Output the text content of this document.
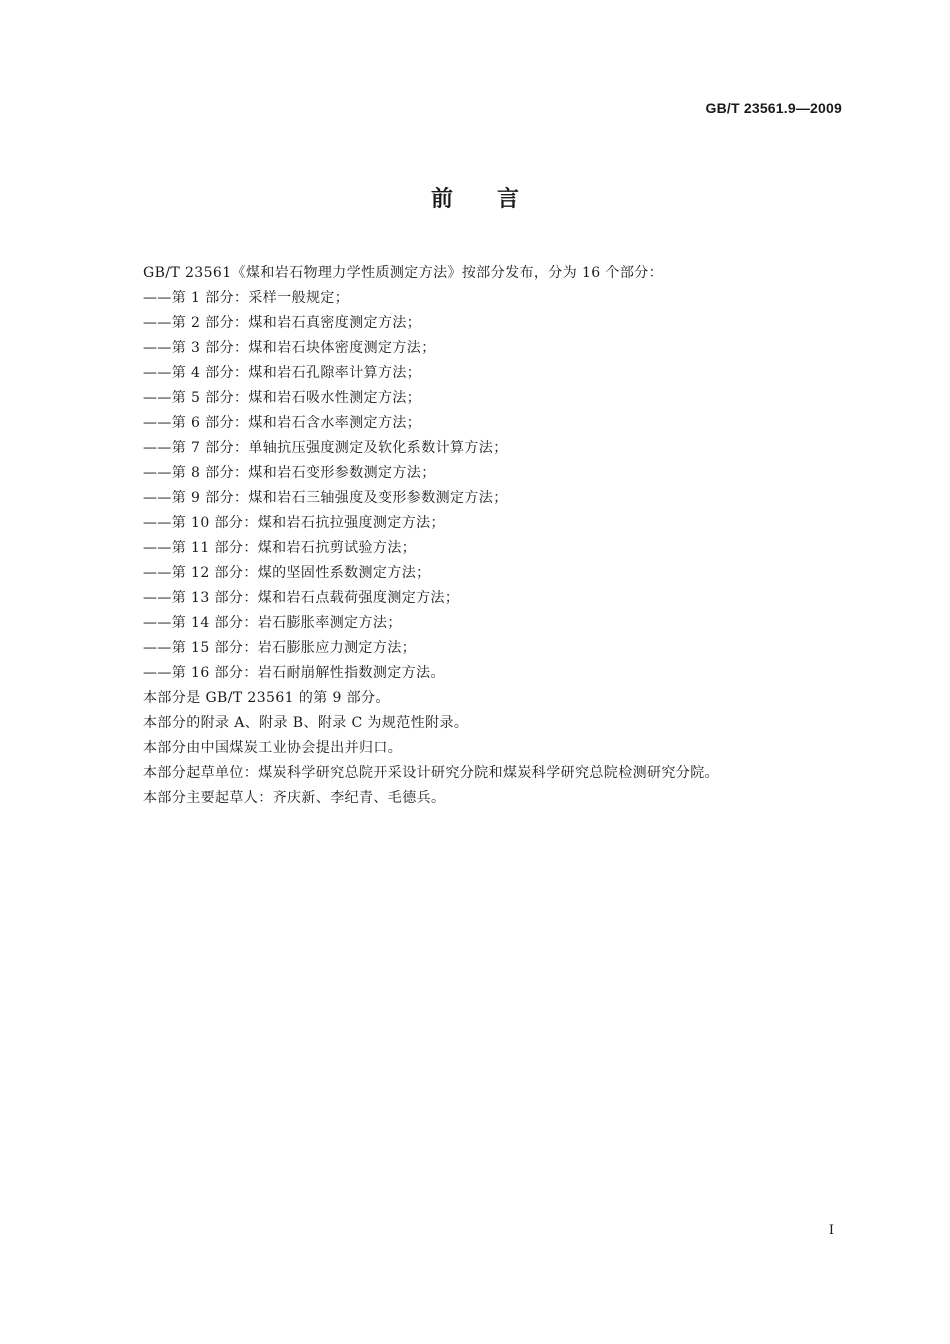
GB/T 23561.9—2009
前　　言
GB/T 23561《煤和岩石物理力学性质测定方法》按部分发布，分为 16 个部分：
——第 1 部分：采样一般规定；
——第 2 部分：煤和岩石真密度测定方法；
——第 3 部分：煤和岩石块体密度测定方法；
——第 4 部分：煤和岩石孔隙率计算方法；
——第 5 部分：煤和岩石吸水性测定方法；
——第 6 部分：煤和岩石含水率测定方法；
——第 7 部分：单轴抗压强度测定及软化系数计算方法；
——第 8 部分：煤和岩石变形参数测定方法；
——第 9 部分：煤和岩石三轴强度及变形参数测定方法；
——第 10 部分：煤和岩石抗拉强度测定方法；
——第 11 部分：煤和岩石抗剪试验方法；
——第 12 部分：煤的坚固性系数测定方法；
——第 13 部分：煤和岩石点载荷强度测定方法；
——第 14 部分：岩石膨胀率测定方法；
——第 15 部分：岩石膨胀应力测定方法；
——第 16 部分：岩石耐崩解性指数测定方法。
本部分是 GB/T 23561 的第 9 部分。
本部分的附录 A、附录 B、附录 C 为规范性附录。
本部分由中国煤炭工业协会提出并归口。
本部分起草单位：煤炭科学研究总院开采设计研究分院和煤炭科学研究总院检测研究分院。
本部分主要起草人：齐庆新、李纪青、毛德兵。
I
